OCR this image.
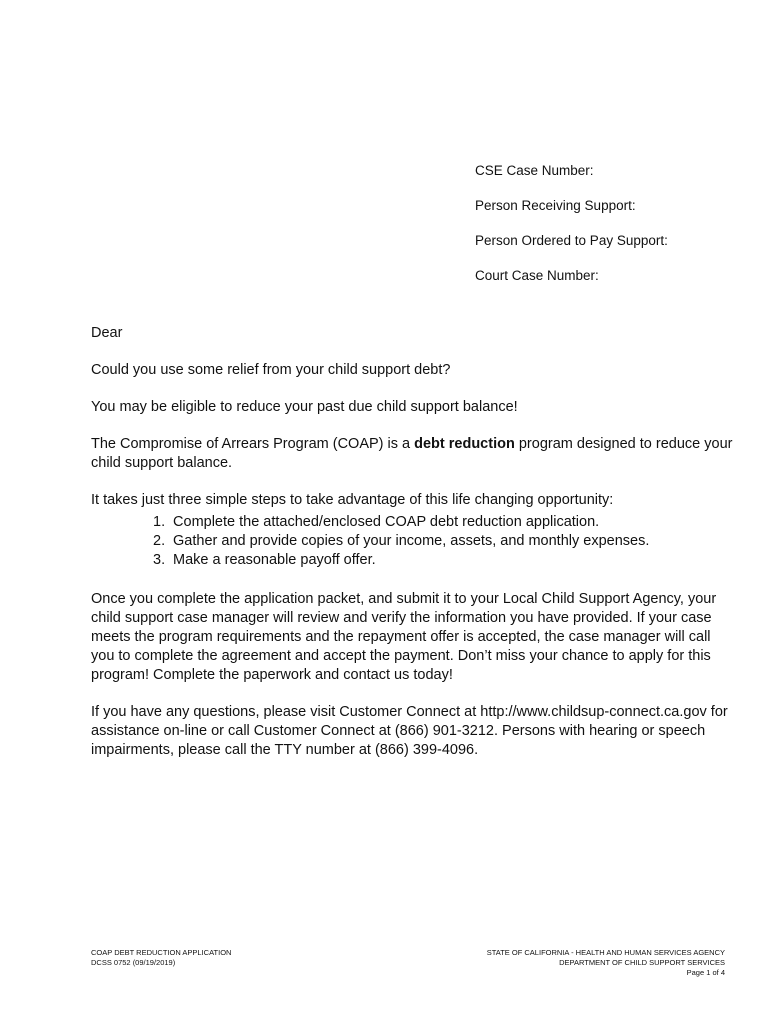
CSE Case Number:
Person Receiving Support:
Person Ordered to Pay Support:
Court Case Number:

Dear

Could you use some relief from your child support debt?

You may be eligible to reduce your past due child support balance!

The Compromise of Arrears Program (COAP) is a debt reduction program designed to reduce your child support balance.

It takes just three simple steps to take advantage of this life changing opportunity:

1. Complete the attached/enclosed COAP debt reduction application.
2. Gather and provide copies of your income, assets, and monthly expenses.
3. Make a reasonable payoff offer.

Once you complete the application packet, and submit it to your Local Child Support Agency, your child support case manager will review and verify the information you have provided. If your case meets the program requirements and the repayment offer is accepted, the case manager will call you to complete the agreement and accept the payment. Don’t miss your chance to apply for this program! Complete the paperwork and contact us today!

If you have any questions, please visit Customer Connect at http://www.childsup-connect.ca.gov for assistance on-line or call Customer Connect at (866) 901-3212. Persons with hearing or speech impairments, please call the TTY number at (866) 399-4096.

COAP DEBT REDUCTION APPLICATION
DCSS 0752 (09/19/2019)
STATE OF CALIFORNIA - HEALTH AND HUMAN SERVICES AGENCY
DEPARTMENT OF CHILD SUPPORT SERVICES
Page 1 of 4
